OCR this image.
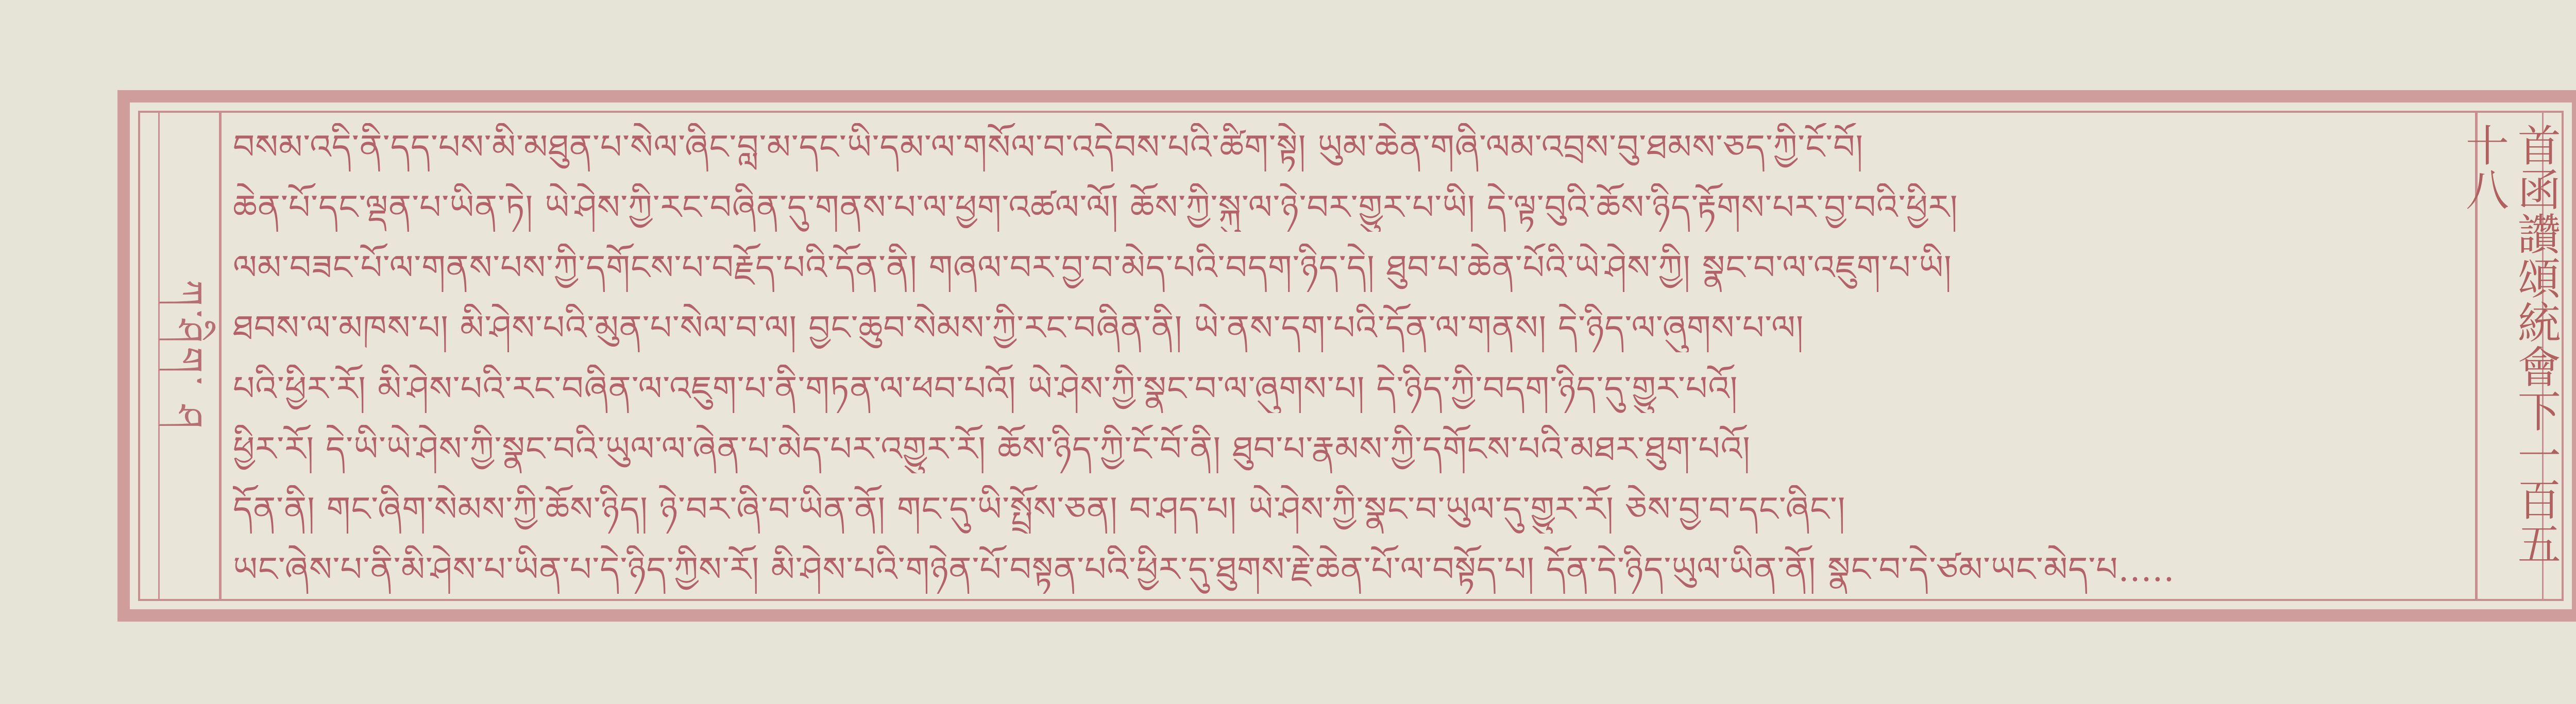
ཀ་ཤིག་ ཤ
བསམ་འདི་ནི་དད་པས་མི་མཐུན་པ་སེལ་ཞིང་བླ་མ་དང་ཡི་དམ་ལ་གསོལ་བ་འདེབས་པའི་ཚིག་སྟེ། ཡུམ་ཆེན་གཞི་ལམ་འབྲས་བུ་ཐམས་ཅད་ཀྱི་ངོ་བོ།
ཆེན་པོ་དང་ལྡན་པ་ཡིན་ཏེ། ཡེ་ཤེས་ཀྱི་རང་བཞིན་དུ་གནས་པ་ལ་ཕྱག་འཚལ་ལོ། ཆོས་ཀྱི་སྐུ་ལ་ཉེ་བར་གྱུར་པ་ཡི། དེ་ལྟ་བུའི་ཆོས་ཉིད་རྟོགས་པར་བྱ་བའི་ཕྱིར།
ལམ་བཟང་པོ་ལ་གནས་པས་ཀྱི་དགོངས་པ་བརྗོད་པའི་དོན་ནི། གཞལ་བར་བྱ་བ་མེད་པའི་བདག་ཉིད་དེ། ཐུབ་པ་ཆེན་པོའི་ཡེ་ཤེས་ཀྱི། སྣང་བ་ལ་འཇུག་པ་ཡི།
ཐབས་ལ་མཁས་པ། མི་ཤེས་པའི་མུན་པ་སེལ་བ་ལ། བྱང་ཆུབ་སེམས་ཀྱི་རང་བཞིན་ནི། ཡེ་ནས་དག་པའི་དོན་ལ་གནས། དེ་ཉིད་ལ་ཞུགས་པ་ལ།
པའི་ཕྱིར་རོ། མི་ཤེས་པའི་རང་བཞིན་ལ་འཇུག་པ་ནི་གཏན་ལ་ཕབ་པའོ། ཡེ་ཤེས་ཀྱི་སྣང་བ་ལ་ཞུགས་པ། དེ་ཉིད་ཀྱི་བདག་ཉིད་དུ་གྱུར་པའོ།
ཕྱིར་རོ། དེ་ཡི་ཡེ་ཤེས་ཀྱི་སྣང་བའི་ཡུལ་ལ་ཞེན་པ་མེད་པར་འགྱུར་རོ། ཆོས་ཉིད་ཀྱི་ངོ་བོ་ནི། ཐུབ་པ་རྣམས་ཀྱི་དགོངས་པའི་མཐར་ཐུག་པའོ།
དོན་ནི། གང་ཞིག་སེམས་ཀྱི་ཆོས་ཉིད། ཉེ་བར་ཞི་བ་ཡིན་ནོ། གང་དུ་ཡི་སྤྲོས་ཅན། བ་ཤད་པ། ཡེ་ཤེས་ཀྱི་སྣང་བ་ཡུལ་དུ་གྱུར་རོ། ཅེས་བྱ་བ་དང་ཞིང་།
ཡང་ཞེས་པ་ནི་མི་ཤེས་པ་ཡིན་པ་དེ་ཉིད་ཀྱིས་རོ། མི་ཤེས་པའི་གཉེན་པོ་བསྟན་པའི་ཕྱིར་དུ་ཐུགས་རྗེ་ཆེན་པོ་ལ་བསྟོད་པ། དོན་དེ་ཉིད་ཡུལ་ཡིན་ནོ། སྣང་བ་དེ་ཙམ་ཡང་མེད་པ.....
首函讚頌統會下一百五十八
